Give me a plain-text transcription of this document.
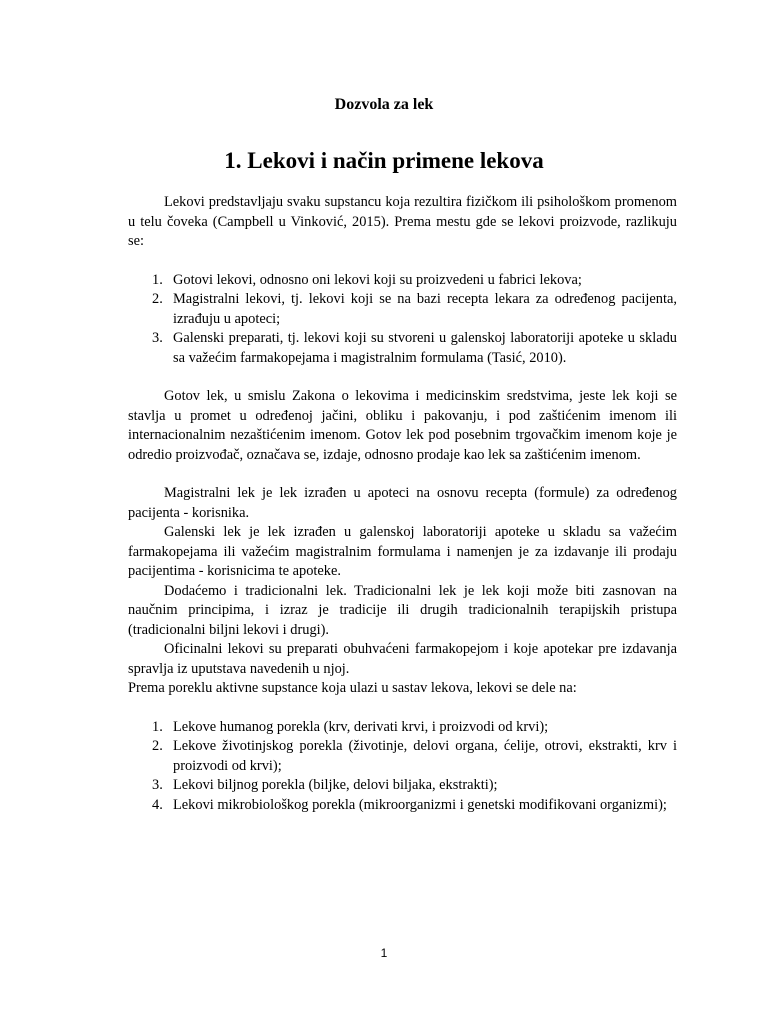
Dozvola za lek
1. Lekovi i način primene lekova

Lekovi predstavljaju svaku supstancu koja rezultira fizičkom ili psihološkom promenom u telu čoveka (Campbell u Vinković, 2015). Prema mestu gde se lekovi proizvode, razlikuju se:

1. Gotovi lekovi, odnosno oni lekovi koji su proizvedeni u fabrici lekova;
2. Magistralni lekovi, tj. lekovi koji se na bazi recepta lekara za određenog pacijenta, izrađuju u apoteci;
3. Galenski preparati, tj. lekovi koji su stvoreni u galenskoj laboratoriji apoteke u skladu sa važećim farmakopejama i magistralnim formulama (Tasić, 2010).

Gotov lek, u smislu Zakona o lekovima i medicinskim sredstvima, jeste lek koji se stavlja u promet u određenoj jačini, obliku i pakovanju, i pod zaštićenim imenom ili internacionalnim nezaštićenim imenom. Gotov lek pod posebnim trgovačkim imenom koje je odredio proizvođač, označava se, izdaje, odnosno prodaje kao lek sa zaštićenim imenom.

Magistralni lek je lek izrađen u apoteci na osnovu recepta (formule) za određenog pacijenta - korisnika.

Galenski lek je lek izrađen u galenskoj laboratoriji apoteke u skladu sa važećim farmakopejama ili važećim magistralnim formulama i namenjen je za izdavanje ili prodaju pacijentima - korisnicima te apoteke.

Dodaćemo i tradicionalni lek. Tradicionalni lek je lek koji može biti zasnovan na naučnim principima, i izraz je tradicije ili drugih tradicionalnih terapijskih pristupa (tradicionalni biljni lekovi i drugi).

Oficinalni lekovi su preparati obuhvaćeni farmakopejom i koje apotekar pre izdavanja spravlja iz uputstava navedenih u njoj.

Prema poreklu aktivne supstance koja ulazi u sastav lekova, lekovi se dele na:

1. Lekove humanog porekla (krv, derivati krvi, i proizvodi od krvi);
2. Lekove životinjskog porekla (životinje, delovi organa, ćelije, otrovi, ekstrakti, krv i proizvodi od krvi);
3. Lekovi biljnog porekla (biljke, delovi biljaka, ekstrakti);
4. Lekovi mikrobiološkog porekla (mikroorganizmi i genetski modifikovani organizmi);
1
